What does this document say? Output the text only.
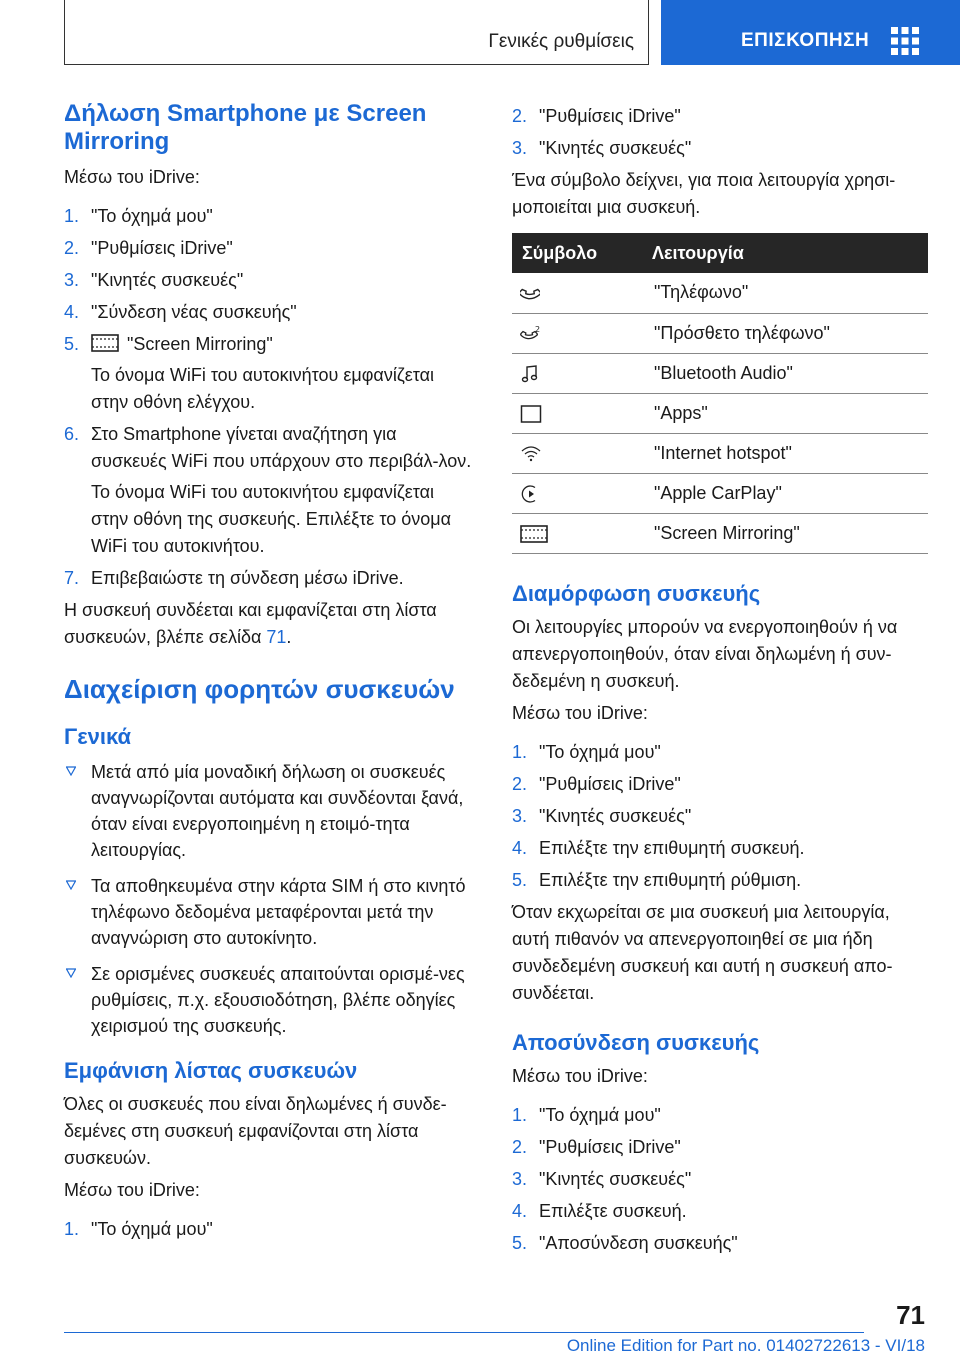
Γενικές ρυθμίσεις	ΕΠΙΣΚΟΠΗΣΗ
Δήλωση Smartphone με Screen Mirroring

Μέσω του iDrive:

1. "Το όχημά μου"
2. "Ρυθμίσεις iDrive"
3. "Κινητές συσκευές"
4. "Σύνδεση νέας συσκευής"
5.	"Screen Mirroring"
Το όνομα WiFi του αυτοκινήτου εμφανίζεται στην οθόνη ελέγχου.
6. Στο Smartphone γίνεται αναζήτηση για συσκευές WiFi που υπάρχουν στο περιβάλ-λον.
Το όνομα WiFi του αυτοκινήτου εμφανίζεται στην οθόνη της συσκευής. Επιλέξτε το όνομα WiFi του αυτοκινήτου.
7. Επιβεβαιώστε τη σύνδεση μέσω iDrive.

Η συσκευή συνδέεται και εμφανίζεται στη λίστα συσκευών, βλέπε σελίδα 71.

Διαχείριση φορητών συσκευών
Γενικά
Μετά από μία μοναδική δήλωση οι συσκευές αναγνωρίζονται αυτόματα και συνδέονται ξανά, όταν είναι ενεργοποιημένη η ετοιμό-τητα λειτουργίας.
Τα αποθηκευμένα στην κάρτα SIM ή στο κινητό τηλέφωνο δεδομένα μεταφέρονται μετά την αναγνώριση στο αυτοκίνητο.
Σε ορισμένες συσκευές απαιτούνται ορισμέ-νες ρυθμίσεις, π.χ. εξουσιοδότηση, βλέπε οδηγίες χειρισμού της συσκευής.
Εμφάνιση λίστας συσκευών

Όλες οι συσκευές που είναι δηλωμένες ή συνδε-δεμένες στη συσκευή εμφανίζονται στη λίστα συσκευών.

Μέσω του iDrive:

1. "Το όχημά μου"
2. "Ρυθμίσεις iDrive"
3. "Κινητές συσκευές"

Ένα σύμβολο δείχνει, για ποια λειτουργία χρησι-μοποιείται μια συσκευή.

Σύμβολο	Λειτουργία
	"Τηλέφωνο"

2	"Πρόσθετο τηλέφωνο"
	"Bluetooth Audio"
	"Apps"
	"Internet hotspot"
	"Apple CarPlay"
	"Screen Mirroring"
Διαμόρφωση συσκευής

Οι λειτουργίες μπορούν να ενεργοποιηθούν ή να απενεργοποιηθούν, όταν είναι δηλωμένη ή συν-δεδεμένη η συσκευή.

Μέσω του iDrive:

1. "Το όχημά μου"
2. "Ρυθμίσεις iDrive"
3. "Κινητές συσκευές"
4. Επιλέξτε την επιθυμητή συσκευή.
5. Επιλέξτε την επιθυμητή ρύθμιση.

Όταν εκχωρείται σε μια συσκευή μια λειτουργία, αυτή πιθανόν να απενεργοποιηθεί σε μια ήδη συνδεδεμένη συσκευή και αυτή η συσκευή απο-συνδέεται.

Αποσύνδεση συσκευής

Μέσω του iDrive:

1. "Το όχημά μου"
2. "Ρυθμίσεις iDrive"
3. "Κινητές συσκευές"
4. Επιλέξτε συσκευή.
5. "Αποσύνδεση συσκευής"
71
Online Edition for Part no. 01402722613 - VI/18
